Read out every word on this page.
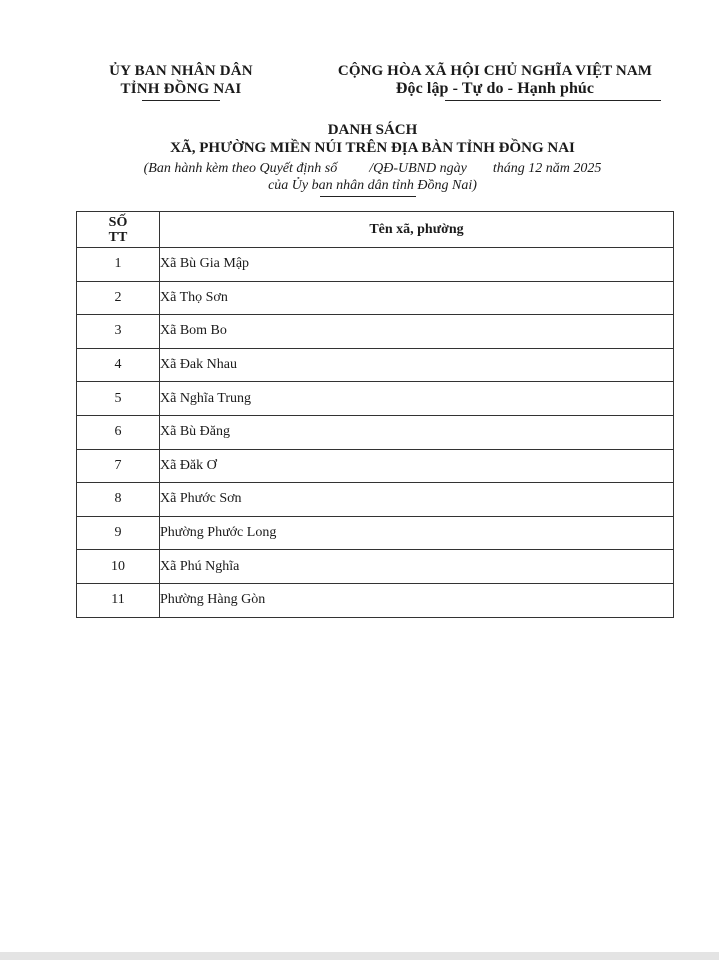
ỦY BAN NHÂN DÂN
TỈNH ĐỒNG NAI
CỘNG HÒA XÃ HỘI CHỦ NGHĨA VIỆT NAM
Độc lập - Tự do - Hạnh phúc
DANH SÁCH
XÃ, PHƯỜNG MIỀN NÚI TRÊN ĐỊA BÀN TỈNH ĐỒNG NAI
(Ban hành kèm theo Quyết định số /QĐ-UBND ngày tháng 12 năm 2025
của Ủy ban nhân dân tỉnh Đồng Nai)
SỐ
TT	Tên xã, phường
1	Xã Bù Gia Mập
2	Xã Thọ Sơn
3	Xã Bom Bo
4	Xã Đak Nhau
5	Xã Nghĩa Trung
6	Xã Bù Đăng
7	Xã Đăk Ơ
8	Xã Phước Sơn
9	Phường Phước Long
10	Xã Phú Nghĩa
11	Phường Hàng Gòn
